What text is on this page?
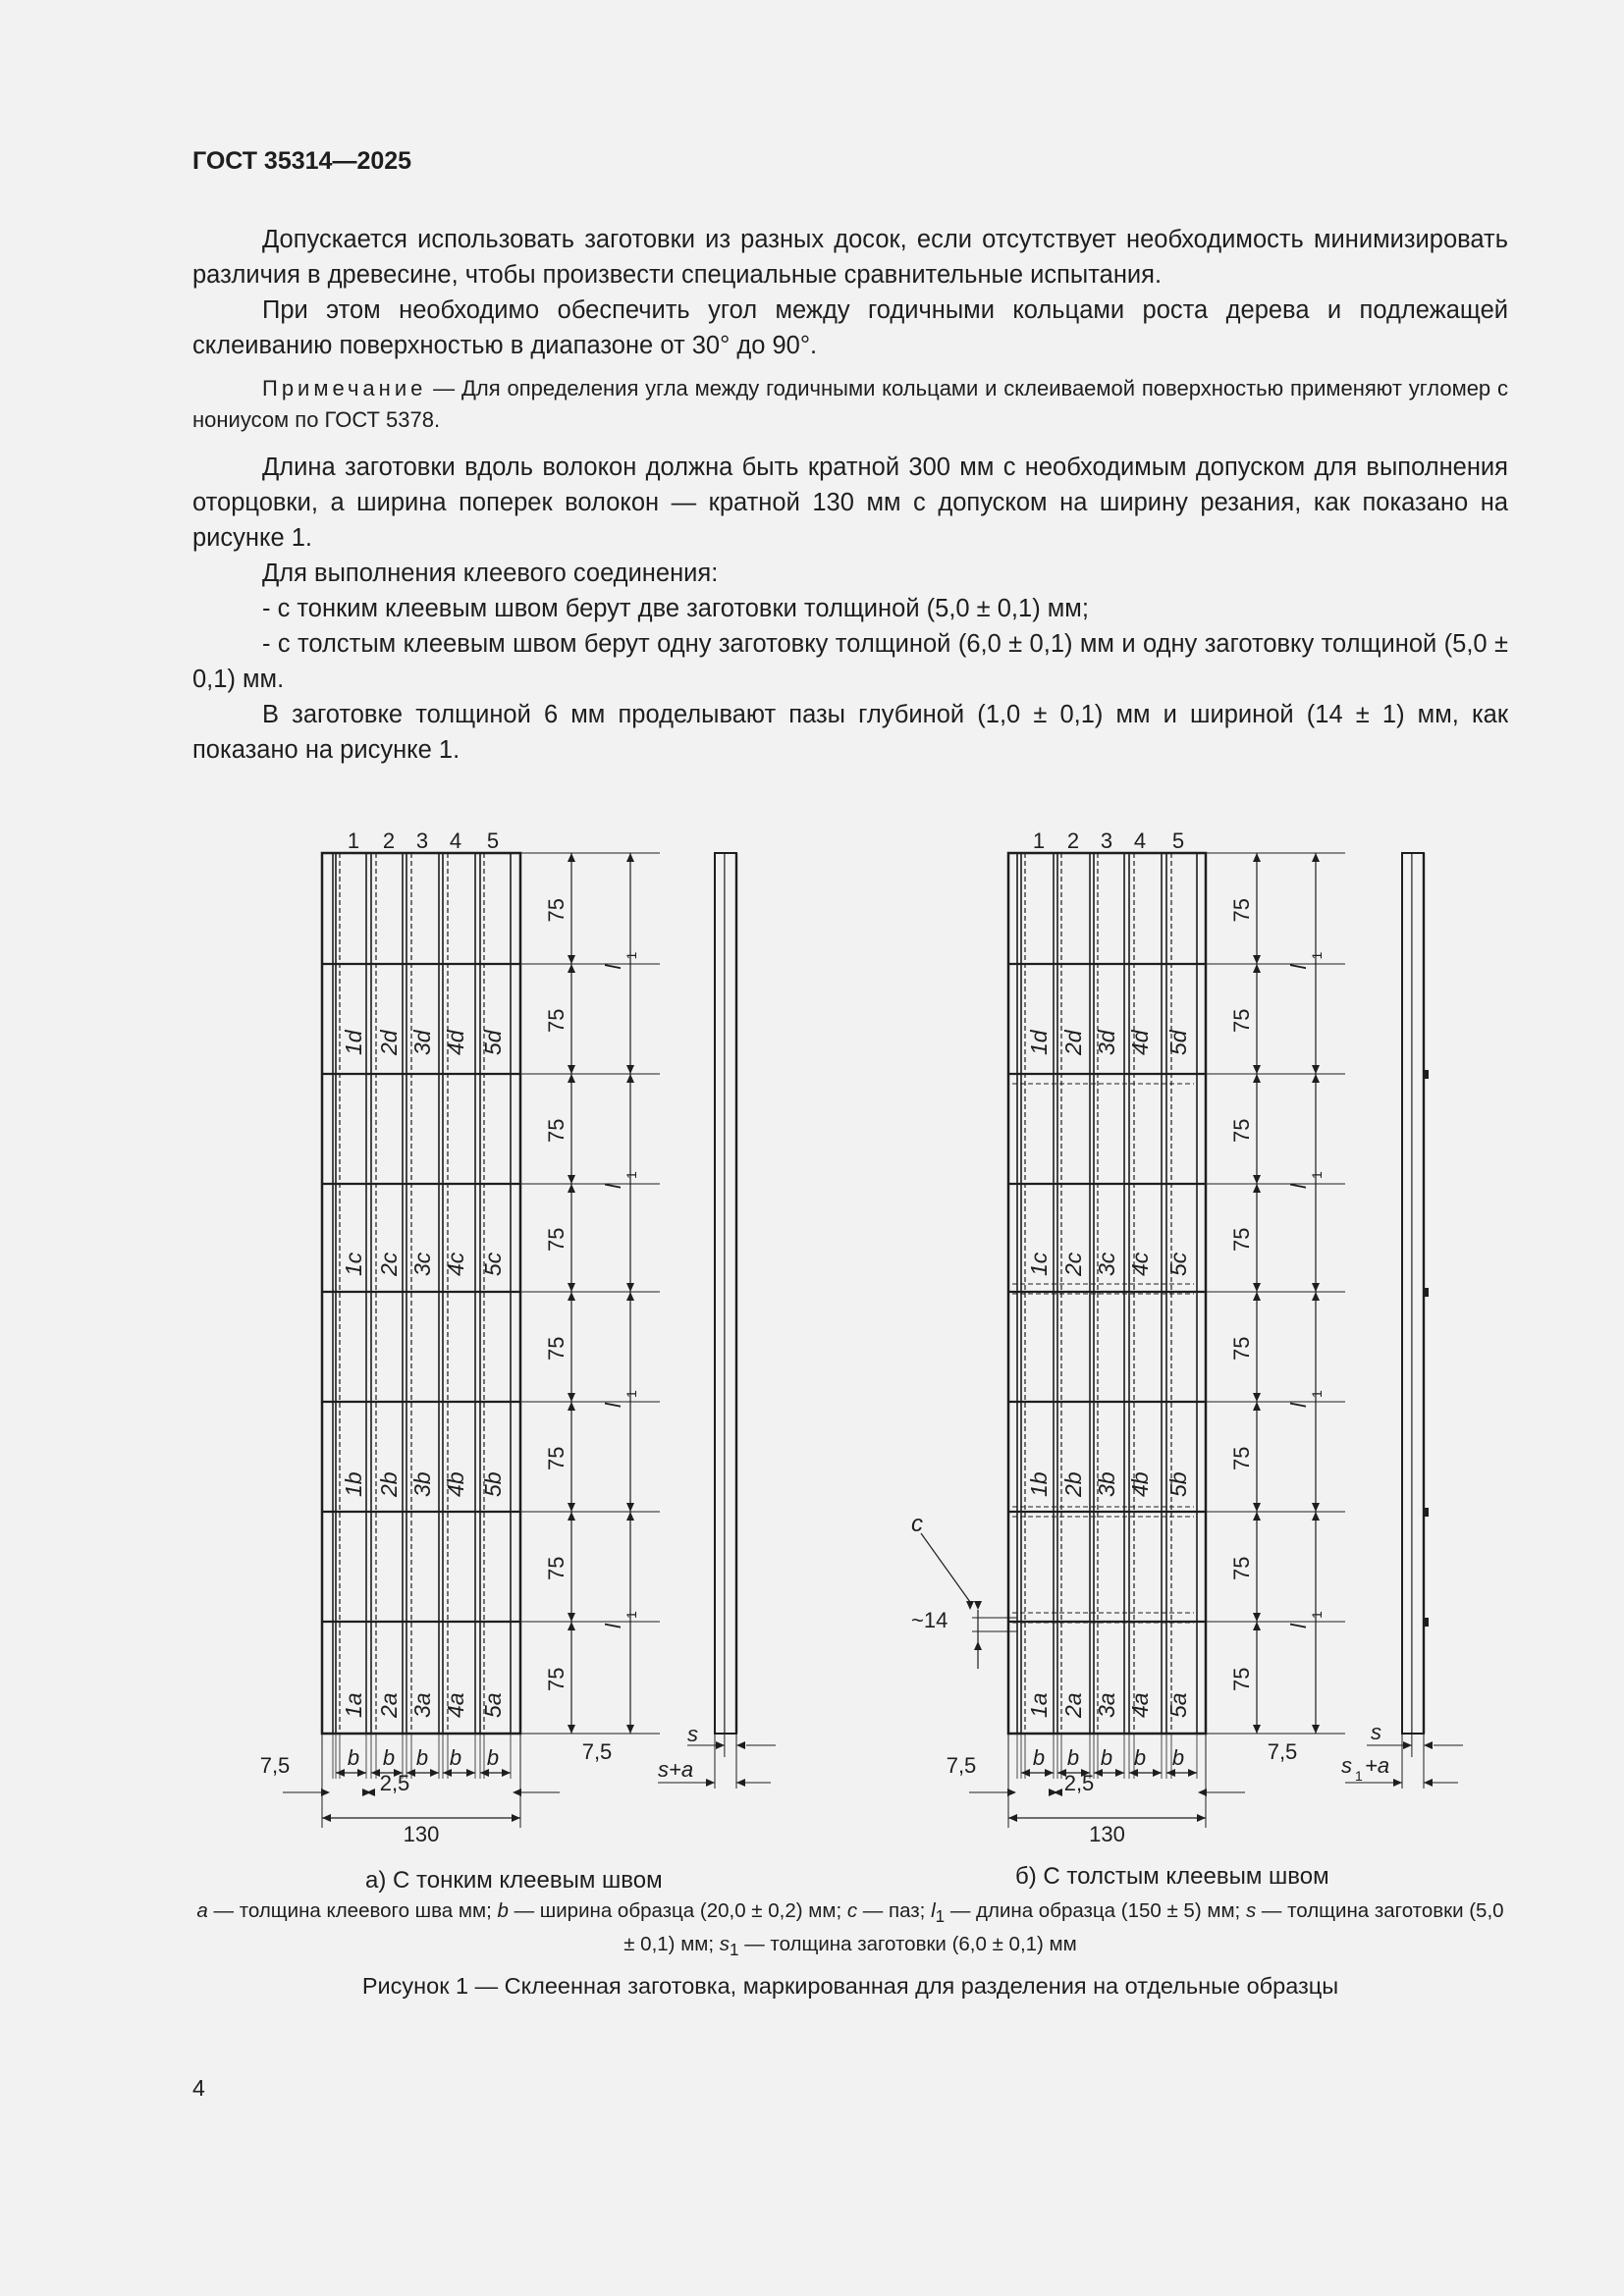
ГОСТ 35314—2025

Допускается использовать заготовки из разных досок, если отсутствует необходимость минимизировать различия в древесине, чтобы произвести специальные сравнительные испытания.

При этом необходимо обеспечить угол между годичными кольцами роста дерева и подлежащей склеиванию поверхностью в диапазоне от 30° до 90°.

Примечание — Для определения угла между годичными кольцами и склеиваемой поверхностью применяют угломер с нониусом по ГОСТ 5378.

Длина заготовки вдоль волокон должна быть кратной 300 мм с необходимым допуском для выполнения оторцовки, а ширина поперек волокон — кратной 130 мм с допуском на ширину резания, как показано на рисунке 1.

Для выполнения клеевого соединения:

- с тонким клеевым швом берут две заготовки толщиной (5,0 ± 0,1) мм;

- с толстым клеевым швом берут одну заготовку толщиной (6,0 ± 0,1) мм и одну заготовку толщиной (5,0 ± 0,1) мм.

В заготовке толщиной 6 мм проделывают пазы глубиной (1,0 ± 0,1) мм и шириной (14 ± 1) мм, как показано на рисунке 1.

1 2 3 4 5
1d 2d 3d 4d 5d
1c 2c 3c 4c 5c
1b 2b 3b 4b 5b
1a 2a 3a 4a 5a
75
75
75
75
75
75
75
75
l
1
l
1
l
1
l
1
b b b b b
7,5
7,5
2,5
130
1 2 3 4 5
1d 2d 3d 4d 5d
1c 2c 3c 4c 5c
1b 2b 3b 4b 5b
1a 2a 3a 4a 5a
75
75
75
75
75
75
75
75
l
1
l
1
l
1
l
1
b b b b b
7,5
7,5
2,5
130
s
s+a
s
s 1 +a
c
~14
а) С тонким клеевым швом	б) С толстым клеевым швом
a — толщина клеевого шва мм; b — ширина образца (20,0 ± 0,2) мм; c — паз; $l_1$ — длина образца (150 ± 5) мм; s — толщина заготовки (5,0 ± 0,1) мм; $s_1$ — толщина заготовки (6,0 ± 0,1) мм
Рисунок 1 — Склеенная заготовка, маркированная для разделения на отдельные образцы
4
